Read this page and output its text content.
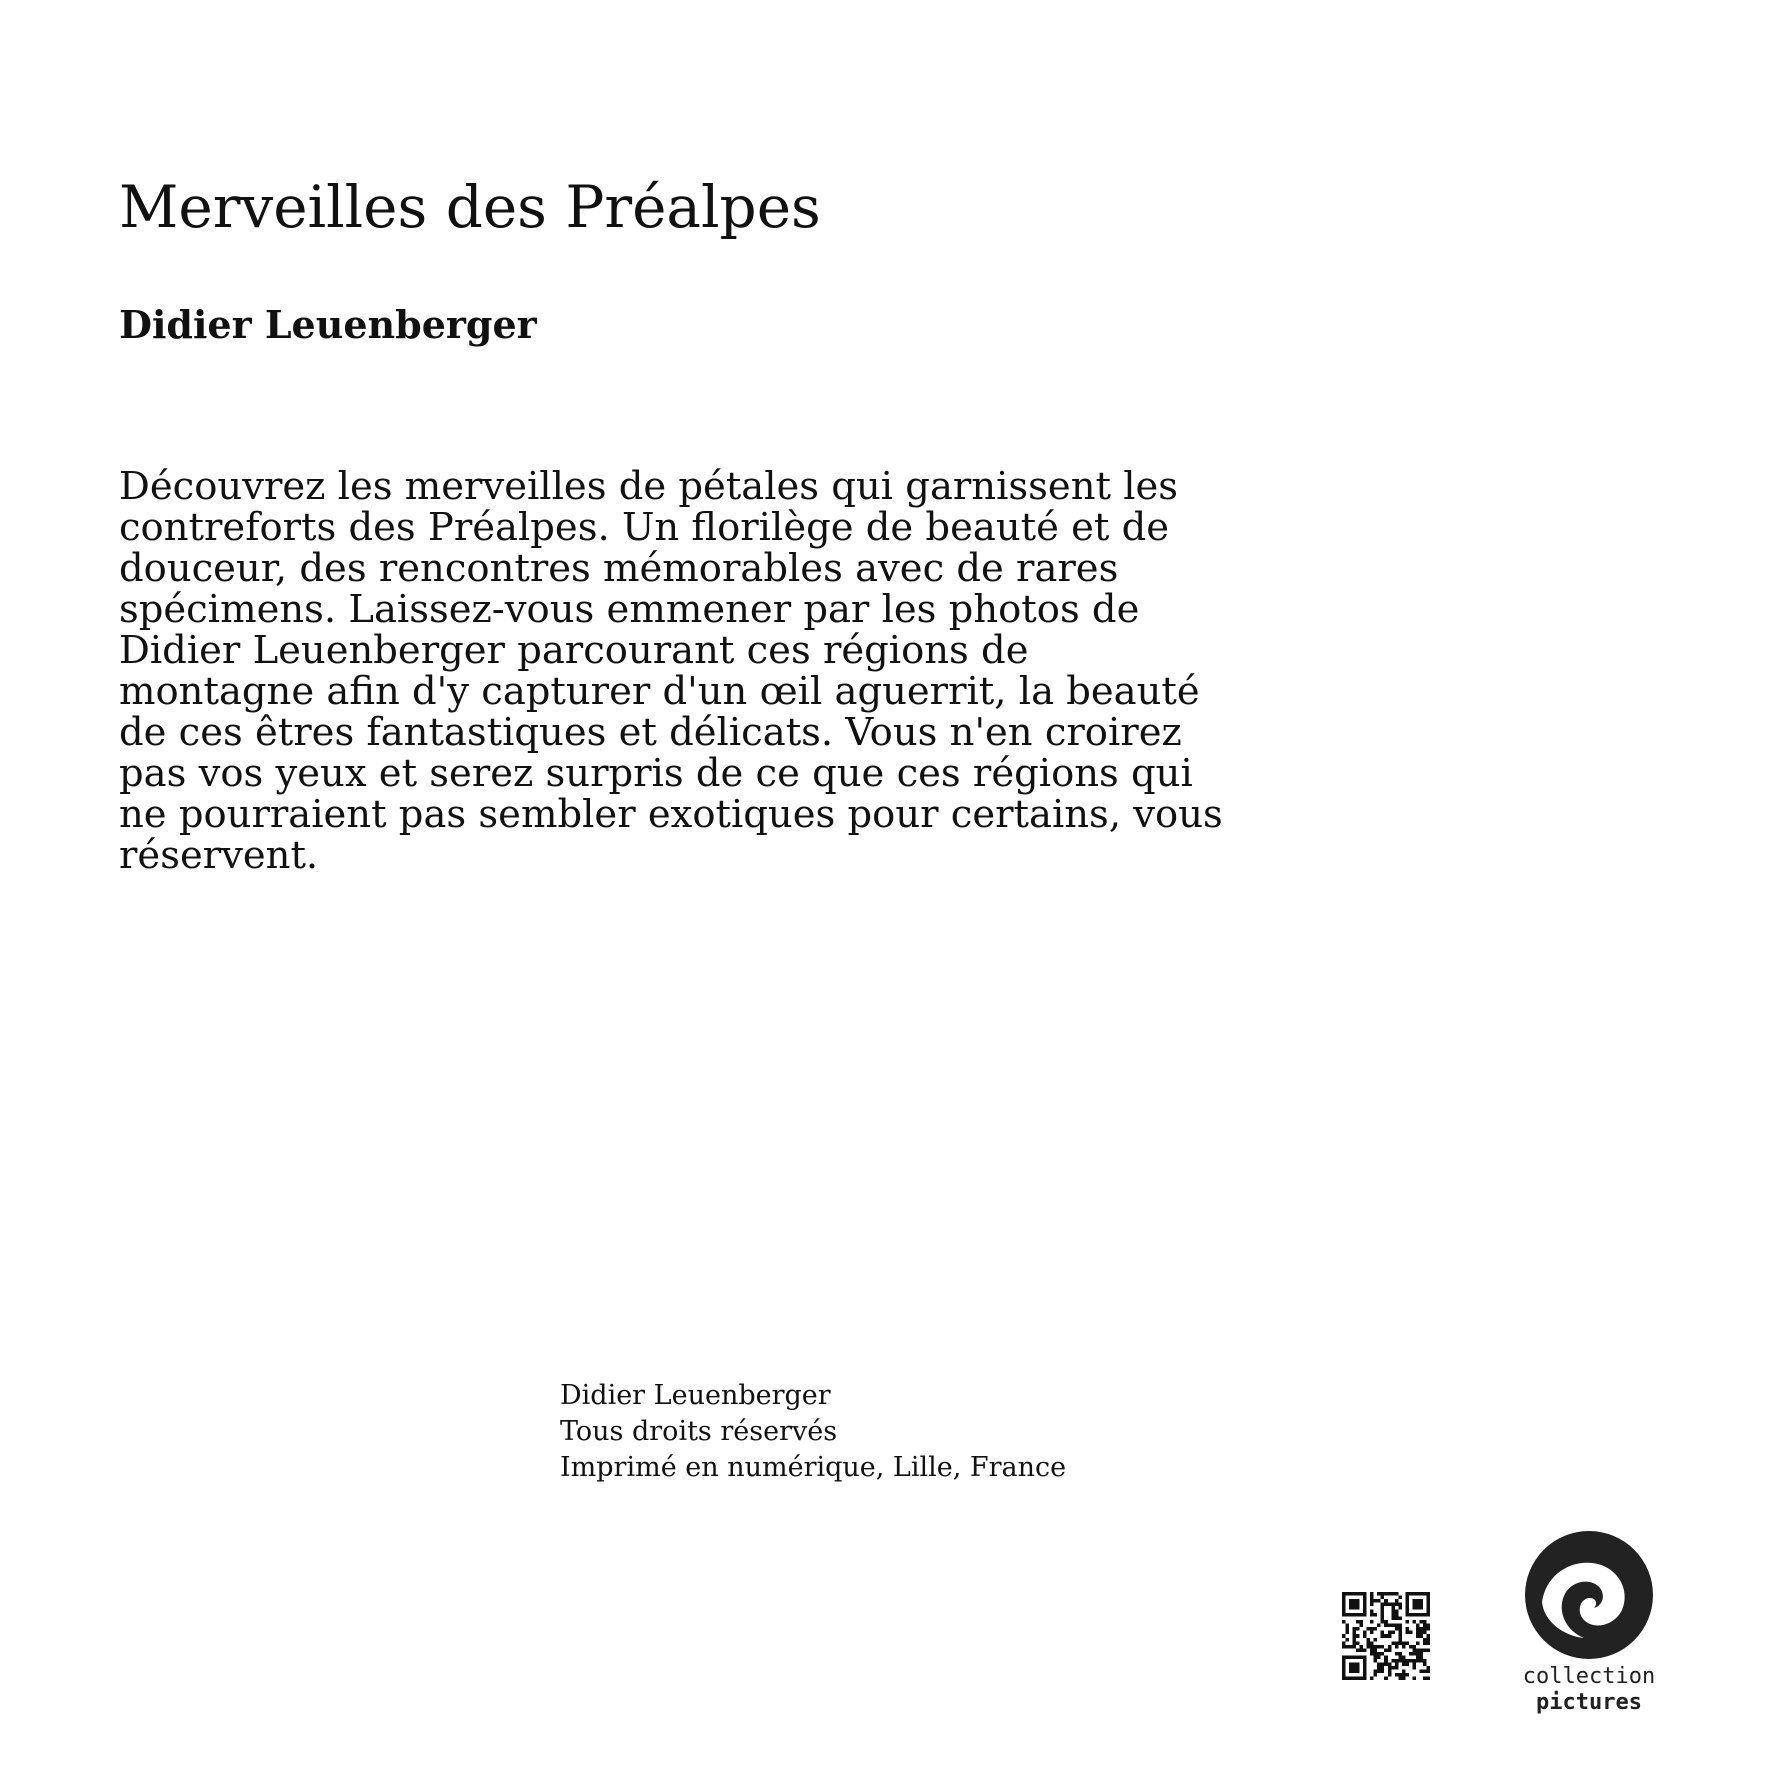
Merveilles des Préalpes
Didier Leuenberger
Découvrez les merveilles de pétales qui garnissent les
contreforts des Préalpes. Un florilège de beauté et de
douceur, des rencontres mémorables avec de rares
spécimens. Laissez-vous emmener par les photos de
Didier Leuenberger parcourant ces régions de
montagne afin d'y capturer d'un œil aguerrit, la beauté
de ces êtres fantastiques et délicats. Vous n'en croirez
pas vos yeux et serez surpris de ce que ces régions qui
ne pourraient pas sembler exotiques pour certains, vous
réservent.
Didier Leuenberger
Tous droits réservés
Imprimé en numérique, Lille, France
collection
pictures
